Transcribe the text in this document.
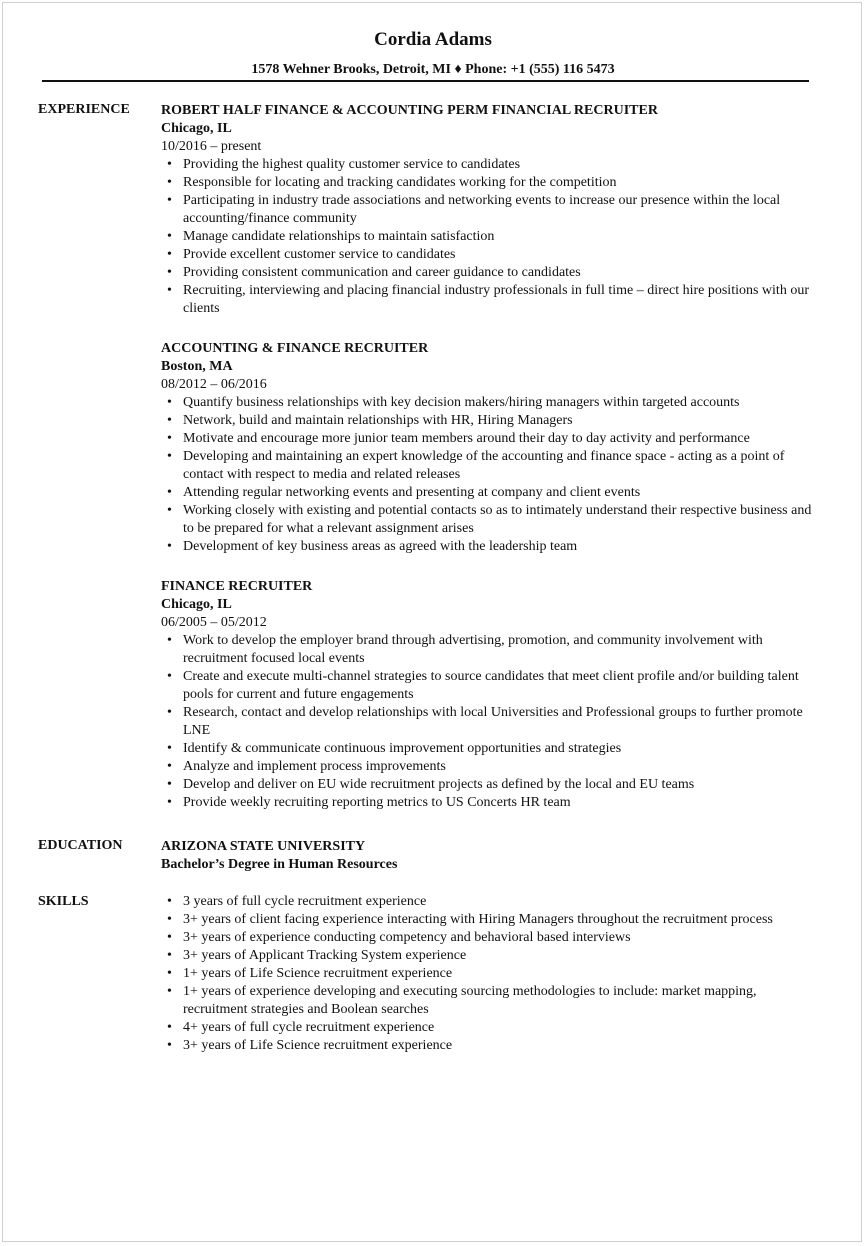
Cordia Adams
1578 Wehner Brooks, Detroit, MI ♦ Phone: +1 (555) 116 5473
EXPERIENCE ROBERT HALF FINANCE & ACCOUNTING PERM FINANCIAL RECRUITER
Chicago, IL
10/2016 – present
• Providing the highest quality customer service to candidates
• Responsible for locating and tracking candidates working for the competition
• Participating in industry trade associations and networking events to increase our presence within the local accounting/finance community
• Manage candidate relationships to maintain satisfaction
• Provide excellent customer service to candidates
• Providing consistent communication and career guidance to candidates
• Recruiting, interviewing and placing financial industry professionals in full time – direct hire positions with our clients
ACCOUNTING & FINANCE RECRUITER
Boston, MA
08/2012 – 06/2016
• Quantify business relationships with key decision makers/hiring managers within targeted accounts
• Network, build and maintain relationships with HR, Hiring Managers
• Motivate and encourage more junior team members around their day to day activity and performance
• Developing and maintaining an expert knowledge of the accounting and finance space - acting as a point of contact with respect to media and related releases
• Attending regular networking events and presenting at company and client events
• Working closely with existing and potential contacts so as to intimately understand their respective business and to be prepared for what a relevant assignment arises
• Development of key business areas as agreed with the leadership team
FINANCE RECRUITER
Chicago, IL
06/2005 – 05/2012
• Work to develop the employer brand through advertising, promotion, and community involvement with recruitment focused local events
• Create and execute multi-channel strategies to source candidates that meet client profile and/or building talent pools for current and future engagements
• Research, contact and develop relationships with local Universities and Professional groups to further promote LNE
• Identify & communicate continuous improvement opportunities and strategies
• Analyze and implement process improvements
• Develop and deliver on EU wide recruitment projects as defined by the local and EU teams
• Provide weekly recruiting reporting metrics to US Concerts HR team
EDUCATION	ARIZONA STATE UNIVERSITY
Bachelor’s Degree in Human Resources
SKILLS
•	3 years of full cycle recruitment experience
• 3+ years of client facing experience interacting with Hiring Managers throughout the recruitment process
• 3+ years of experience conducting competency and behavioral based interviews
• 3+ years of Applicant Tracking System experience
• 1+ years of Life Science recruitment experience
• 1+ years of experience developing and executing sourcing methodologies to include: market mapping, recruitment strategies and Boolean searches
• 4+ years of full cycle recruitment experience
• 3+ years of Life Science recruitment experience
